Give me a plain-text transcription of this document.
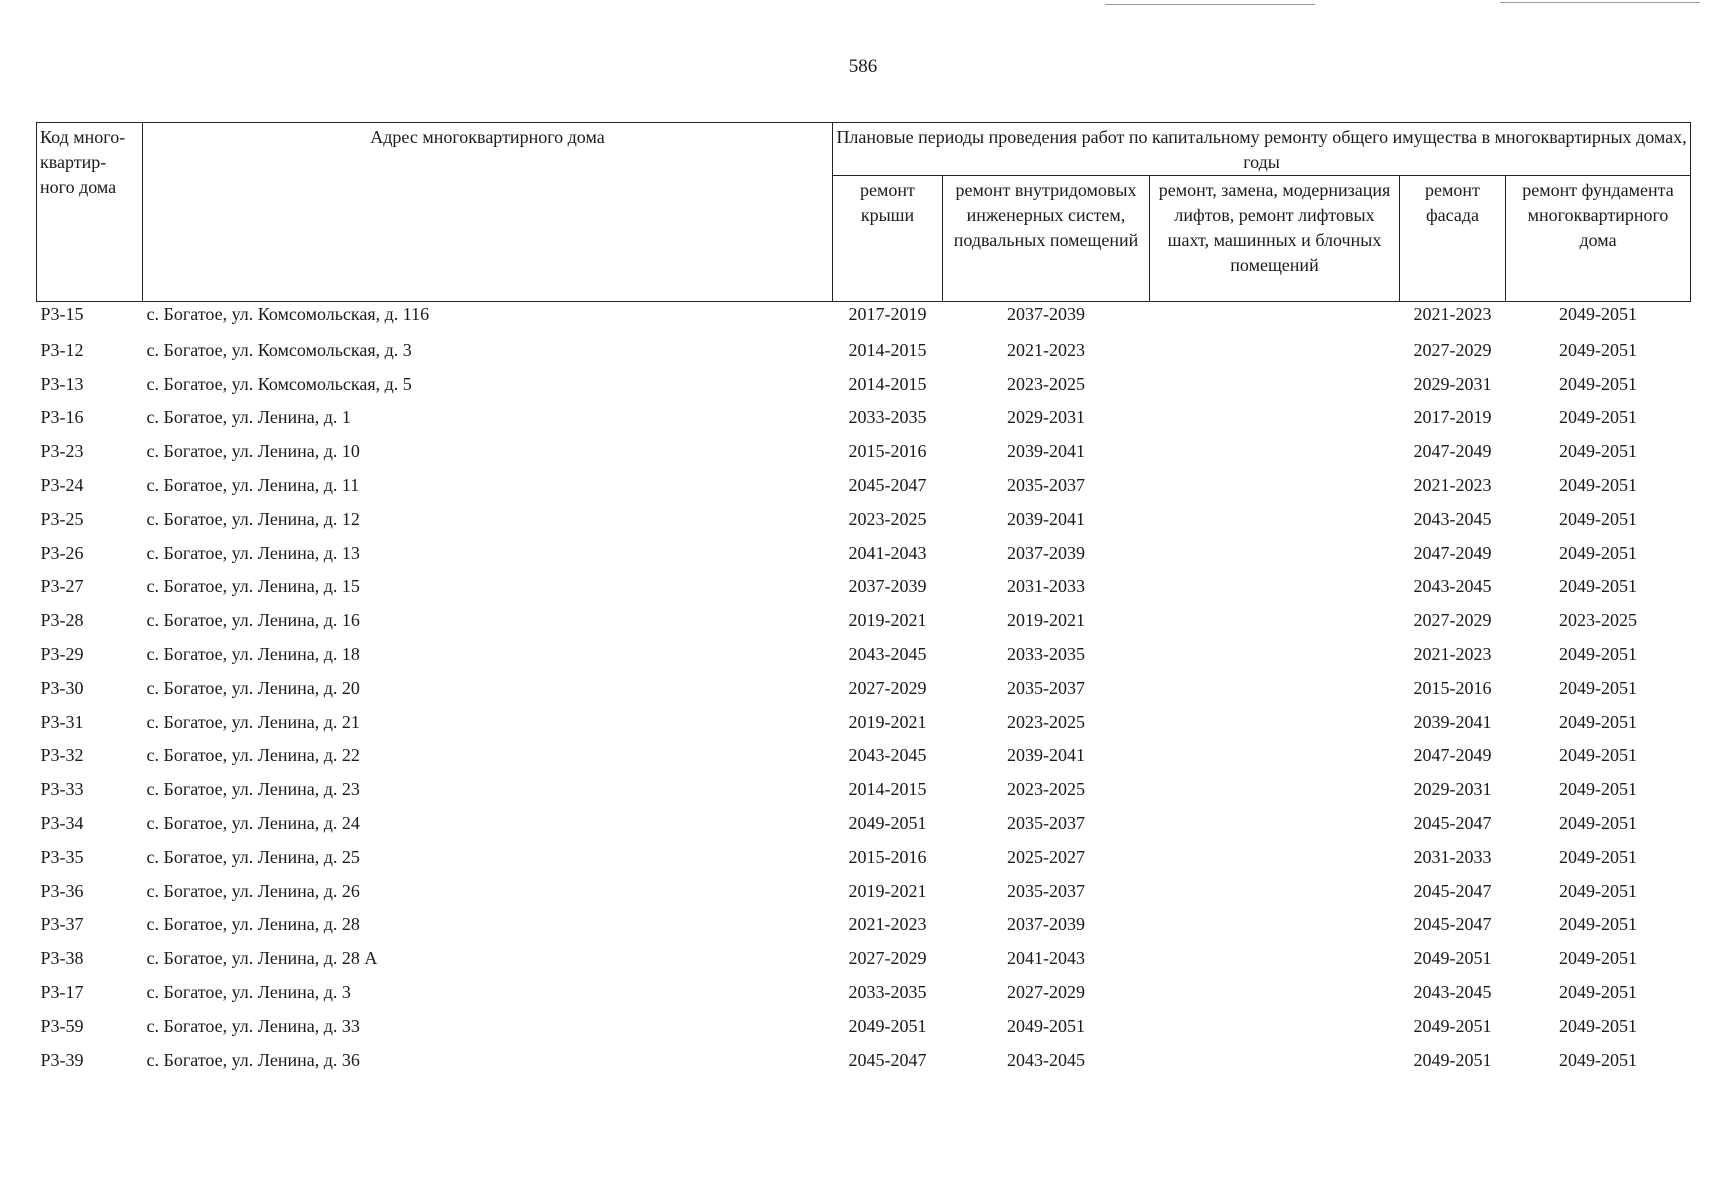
586
Код много-квартир-ного дома	Адрес многоквартирного дома	Плановые периоды проведения работ по капитальному ремонту общего имущества в многоквартирных домах, годы				
		ремонт крыши	ремонт внутридомовых инженерных систем, подвальных помещений	ремонт, замена, модернизация лифтов, ремонт лифтовых шахт, машинных и блочных помещений	ремонт фасада	ремонт фундамента многоквартирного дома
Р3-15	с. Богатое, ул. Комсомольская, д. 116	2017-2019	2037-2039		2021-2023	2049-2051
Р3-12	с. Богатое, ул. Комсомольская, д. 3	2014-2015	2021-2023		2027-2029	2049-2051
Р3-13	с. Богатое, ул. Комсомольская, д. 5	2014-2015	2023-2025		2029-2031	2049-2051
Р3-16	с. Богатое, ул. Ленина, д. 1	2033-2035	2029-2031		2017-2019	2049-2051
Р3-23	с. Богатое, ул. Ленина, д. 10	2015-2016	2039-2041		2047-2049	2049-2051
Р3-24	с. Богатое, ул. Ленина, д. 11	2045-2047	2035-2037		2021-2023	2049-2051
Р3-25	с. Богатое, ул. Ленина, д. 12	2023-2025	2039-2041		2043-2045	2049-2051
Р3-26	с. Богатое, ул. Ленина, д. 13	2041-2043	2037-2039		2047-2049	2049-2051
Р3-27	с. Богатое, ул. Ленина, д. 15	2037-2039	2031-2033		2043-2045	2049-2051
Р3-28	с. Богатое, ул. Ленина, д. 16	2019-2021	2019-2021		2027-2029	2023-2025
Р3-29	с. Богатое, ул. Ленина, д. 18	2043-2045	2033-2035		2021-2023	2049-2051
Р3-30	с. Богатое, ул. Ленина, д. 20	2027-2029	2035-2037		2015-2016	2049-2051
Р3-31	с. Богатое, ул. Ленина, д. 21	2019-2021	2023-2025		2039-2041	2049-2051
Р3-32	с. Богатое, ул. Ленина, д. 22	2043-2045	2039-2041		2047-2049	2049-2051
Р3-33	с. Богатое, ул. Ленина, д. 23	2014-2015	2023-2025		2029-2031	2049-2051
Р3-34	с. Богатое, ул. Ленина, д. 24	2049-2051	2035-2037		2045-2047	2049-2051
Р3-35	с. Богатое, ул. Ленина, д. 25	2015-2016	2025-2027		2031-2033	2049-2051
Р3-36	с. Богатое, ул. Ленина, д. 26	2019-2021	2035-2037		2045-2047	2049-2051
Р3-37	с. Богатое, ул. Ленина, д. 28	2021-2023	2037-2039		2045-2047	2049-2051
Р3-38	с. Богатое, ул. Ленина, д. 28 А	2027-2029	2041-2043		2049-2051	2049-2051
Р3-17	с. Богатое, ул. Ленина, д. 3	2033-2035	2027-2029		2043-2045	2049-2051
Р3-59	с. Богатое, ул. Ленина, д. 33	2049-2051	2049-2051		2049-2051	2049-2051
Р3-39	с. Богатое, ул. Ленина, д. 36	2045-2047	2043-2045		2049-2051	2049-2051
